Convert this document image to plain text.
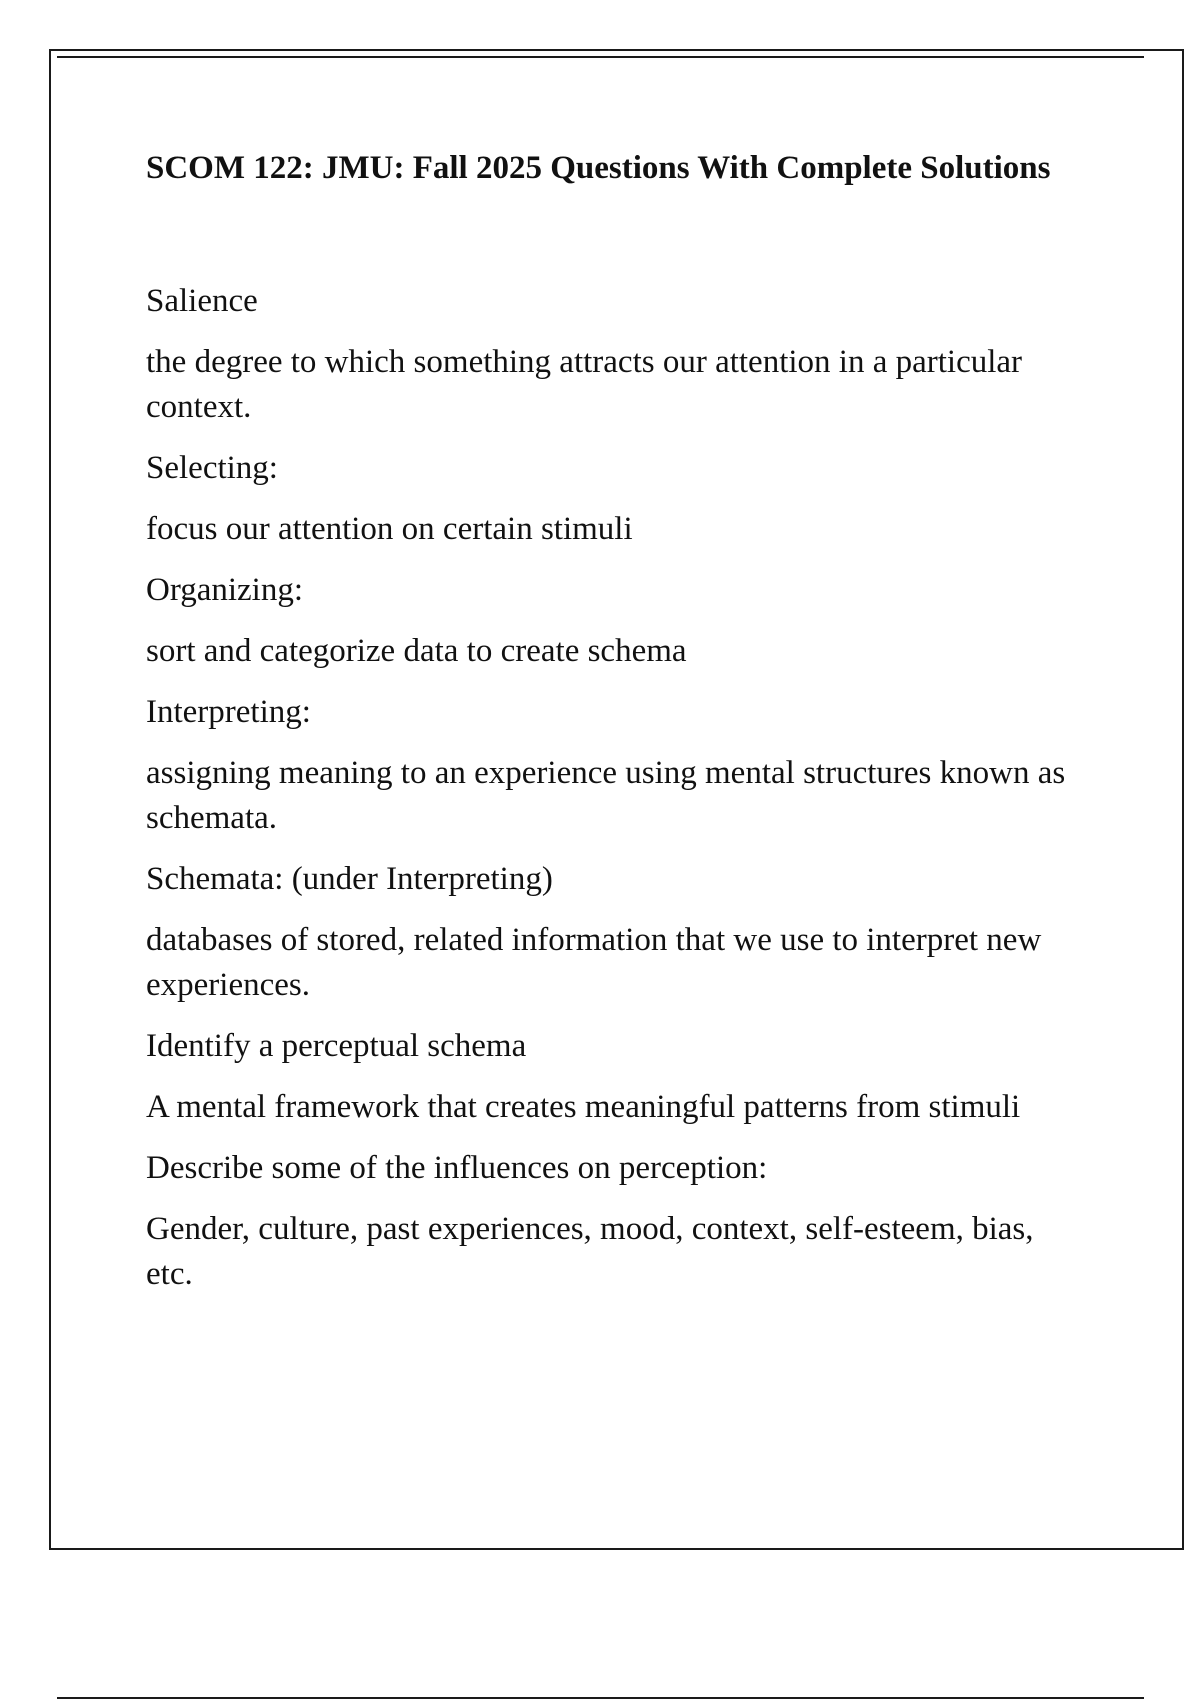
SCOM 122: JMU: Fall 2025 Questions With Complete Solutions
Salience
the degree to which something attracts our attention in a particular context.
Selecting:
focus our attention on certain stimuli
Organizing:
sort and categorize data to create schema
Interpreting:
assigning meaning to an experience using mental structures known as schemata.
Schemata: (under Interpreting)
databases of stored, related information that we use to interpret new experiences.
Identify a perceptual schema
A mental framework that creates meaningful patterns from stimuli
Describe some of the influences on perception:
Gender, culture, past experiences, mood, context, self-esteem, bias, etc.
